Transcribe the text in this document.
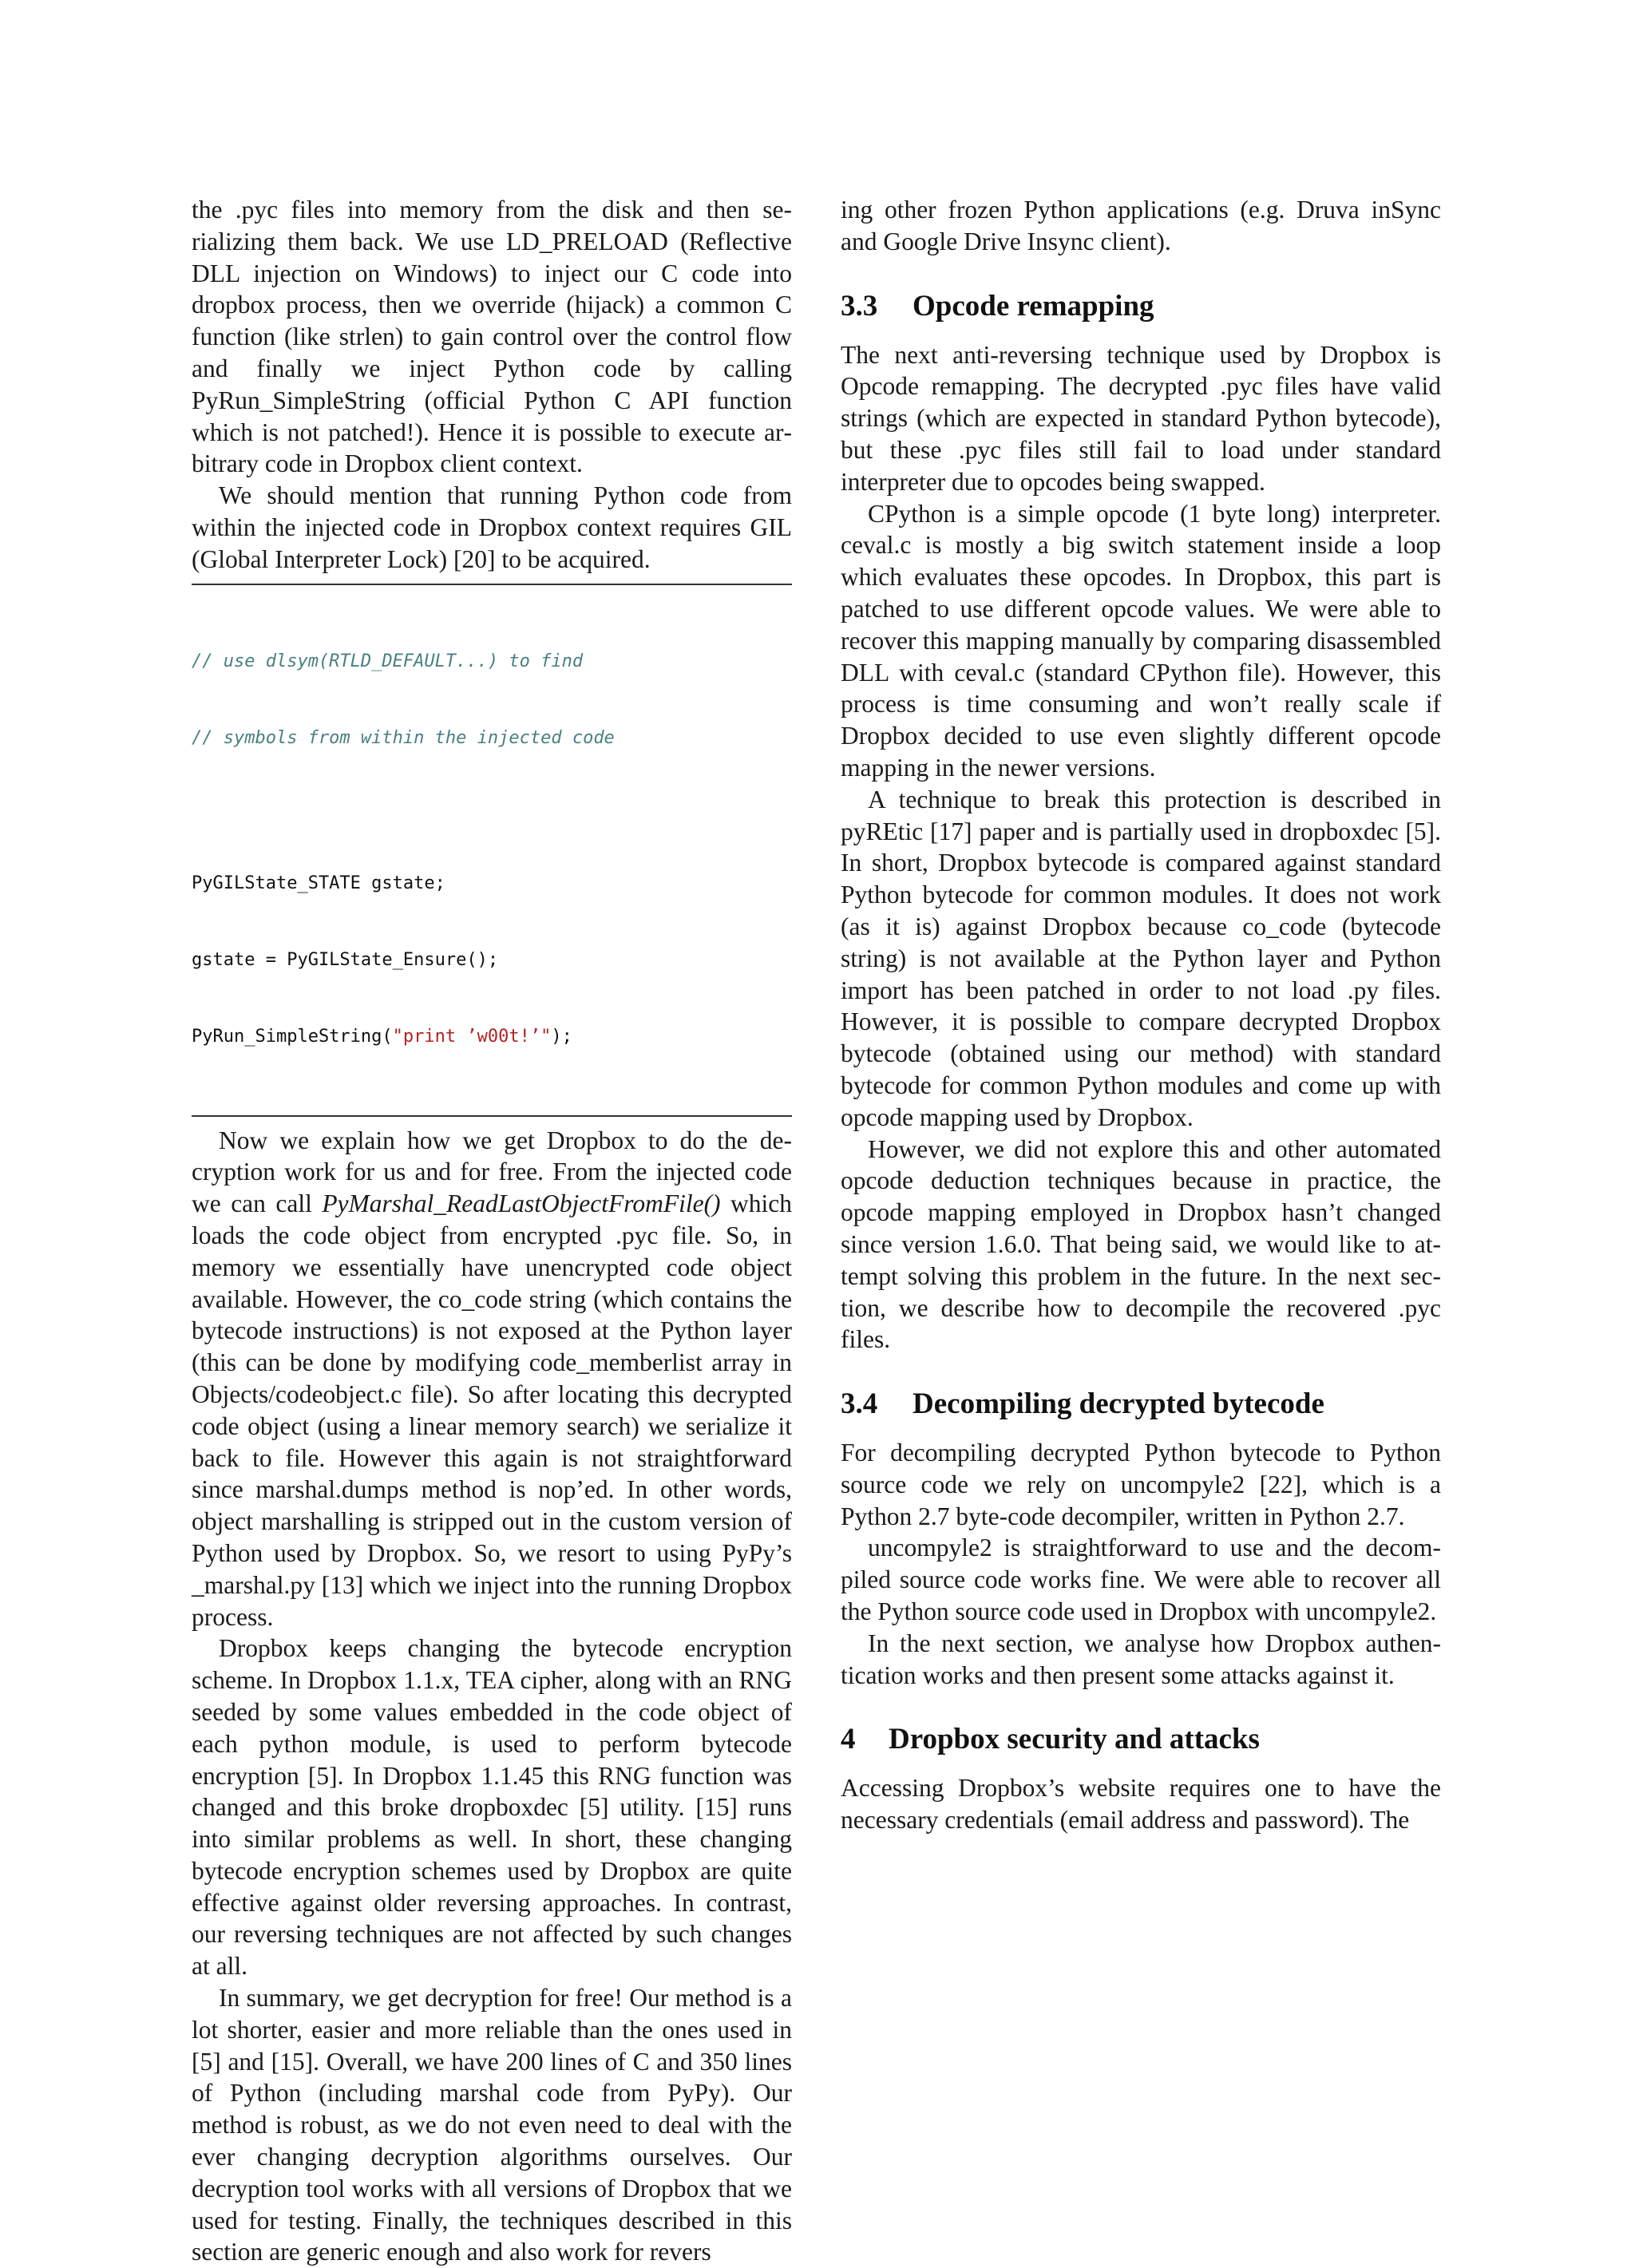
the .pyc files into memory from the disk and then serializing them back. We use LD_PRELOAD (Reflective DLL injection on Windows) to inject our C code into dropbox process, then we override (hijack) a common C function (like strlen) to gain control over the control flow and finally we inject Python code by calling PyRun_SimpleString (official Python C API function which is not patched!). Hence it is possible to execute arbitrary code in Dropbox client context.

We should mention that running Python code from within the injected code in Dropbox context requires GIL (Global Interpreter Lock) [20] to be acquired.

// use dlsym(RTLD_DEFAULT...) to find

// symbols from within the injected code

PyGILState_STATE gstate;

gstate = PyGILState_Ensure();

PyRun_SimpleString("print ’w00t!’");

Now we explain how we get Dropbox to do the decryption work for us and for free. From the injected code we can call PyMarshal_ReadLastObjectFromFile() which loads the code object from encrypted .pyc file. So, in memory we essentially have unencrypted code object available. However, the co_code string (which contains the bytecode instructions) is not exposed at the Python layer (this can be done by modifying code_memberlist array in Objects/codeobject.c file). So after locating this decrypted code object (using a linear memory search) we serialize it back to file. However this again is not straightforward since marshal.dumps method is nop’ed. In other words, object marshalling is stripped out in the custom version of Python used by Dropbox. So, we resort to using PyPy’s _marshal.py [13] which we inject into the running Dropbox process.

Dropbox keeps changing the bytecode encryption scheme. In Dropbox 1.1.x, TEA cipher, along with an RNG seeded by some values embedded in the code object of each python module, is used to perform bytecode encryption [5]. In Dropbox 1.1.45 this RNG function was changed and this broke dropboxdec [5] utility. [15] runs into similar problems as well. In short, these changing bytecode encryption schemes used by Dropbox are quite effective against older reversing approaches. In contrast, our reversing techniques are not affected by such changes at all.

In summary, we get decryption for free! Our method is a lot shorter, easier and more reliable than the ones used in [5] and [15]. Overall, we have 200 lines of C and 350 lines of Python (including marshal code from PyPy). Our method is robust, as we do not even need to deal with the ever changing decryption algorithms ourselves. Our decryption tool works with all versions of Dropbox that we used for testing. Finally, the techniques described in this section are generic enough and also work for revers

ing other frozen Python applications (e.g. Druva inSync and Google Drive Insync client).

3.3 Opcode remapping

The next anti-reversing technique used by Dropbox is Opcode remapping. The decrypted .pyc files have valid strings (which are expected in standard Python bytecode), but these .pyc files still fail to load under standard interpreter due to opcodes being swapped.

CPython is a simple opcode (1 byte long) interpreter. ceval.c is mostly a big switch statement inside a loop which evaluates these opcodes. In Dropbox, this part is patched to use different opcode values. We were able to recover this mapping manually by comparing disassembled DLL with ceval.c (standard CPython file). However, this process is time consuming and won’t really scale if Dropbox decided to use even slightly different opcode mapping in the newer versions.

A technique to break this protection is described in pyREtic [17] paper and is partially used in dropboxdec [5]. In short, Dropbox bytecode is compared against standard Python bytecode for common modules. It does not work (as it is) against Dropbox because co_code (bytecode string) is not available at the Python layer and Python import has been patched in order to not load .py files. However, it is possible to compare decrypted Dropbox bytecode (obtained using our method) with standard bytecode for common Python modules and come up with opcode mapping used by Dropbox.

However, we did not explore this and other automated opcode deduction techniques because in practice, the opcode mapping employed in Dropbox hasn’t changed since version 1.6.0. That being said, we would like to attempt solving this problem in the future. In the next section, we describe how to decompile the recovered .pyc files.

3.4 Decompiling decrypted bytecode

For decompiling decrypted Python bytecode to Python source code we rely on uncompyle2 [22], which is a Python 2.7 byte-code decompiler, written in Python 2.7.

uncompyle2 is straightforward to use and the decompiled source code works fine. We were able to recover all the Python source code used in Dropbox with uncompyle2.

In the next section, we analyse how Dropbox authentication works and then present some attacks against it.

4 Dropbox security and attacks

Accessing Dropbox’s website requires one to have the necessary credentials (email address and password). The
